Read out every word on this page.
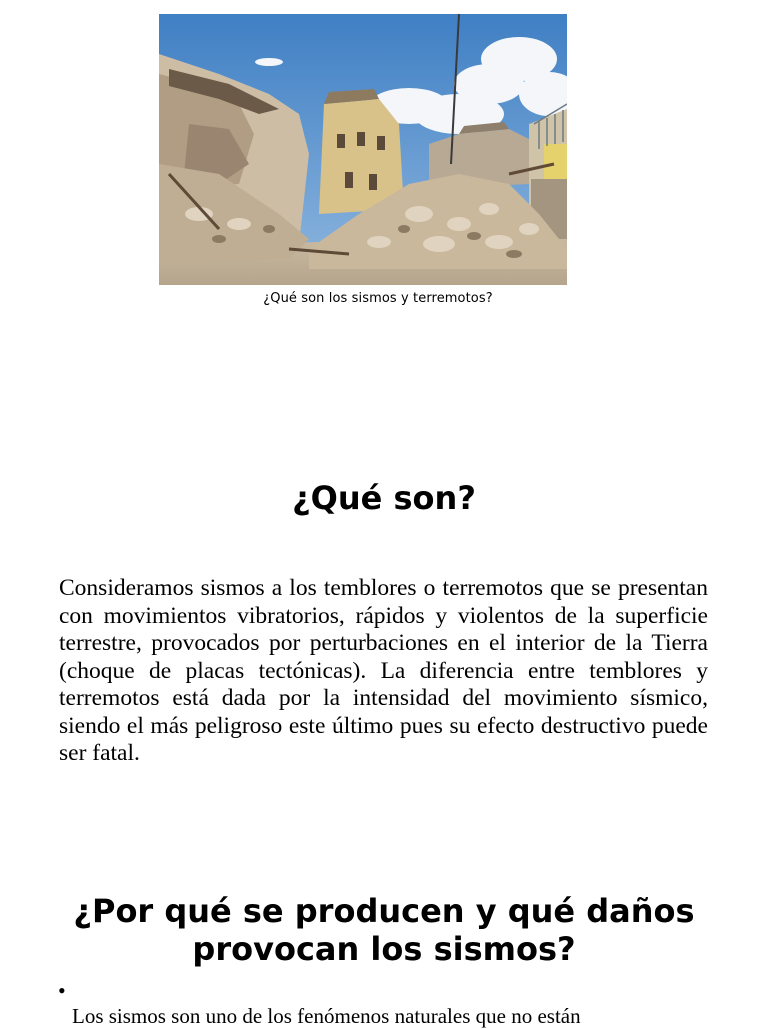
¿Qué son los sismos y terremotos?
¿Qué son?

Consideramos sismos a los temblores o terremotos que se presentan con movimientos vibratorios, rápidos y violentos de la superficie terrestre, provocados por perturbaciones en el interior de la Tierra (choque de placas tectónicas). La diferencia entre temblores y terremotos está dada por la intensidad del movimiento sísmico, siendo el más peligroso este último pues su efecto destructivo puede ser fatal.

¿Por qué se producen y qué daños provocan los sismos?
•
Los sismos son uno de los fenómenos naturales que no están
